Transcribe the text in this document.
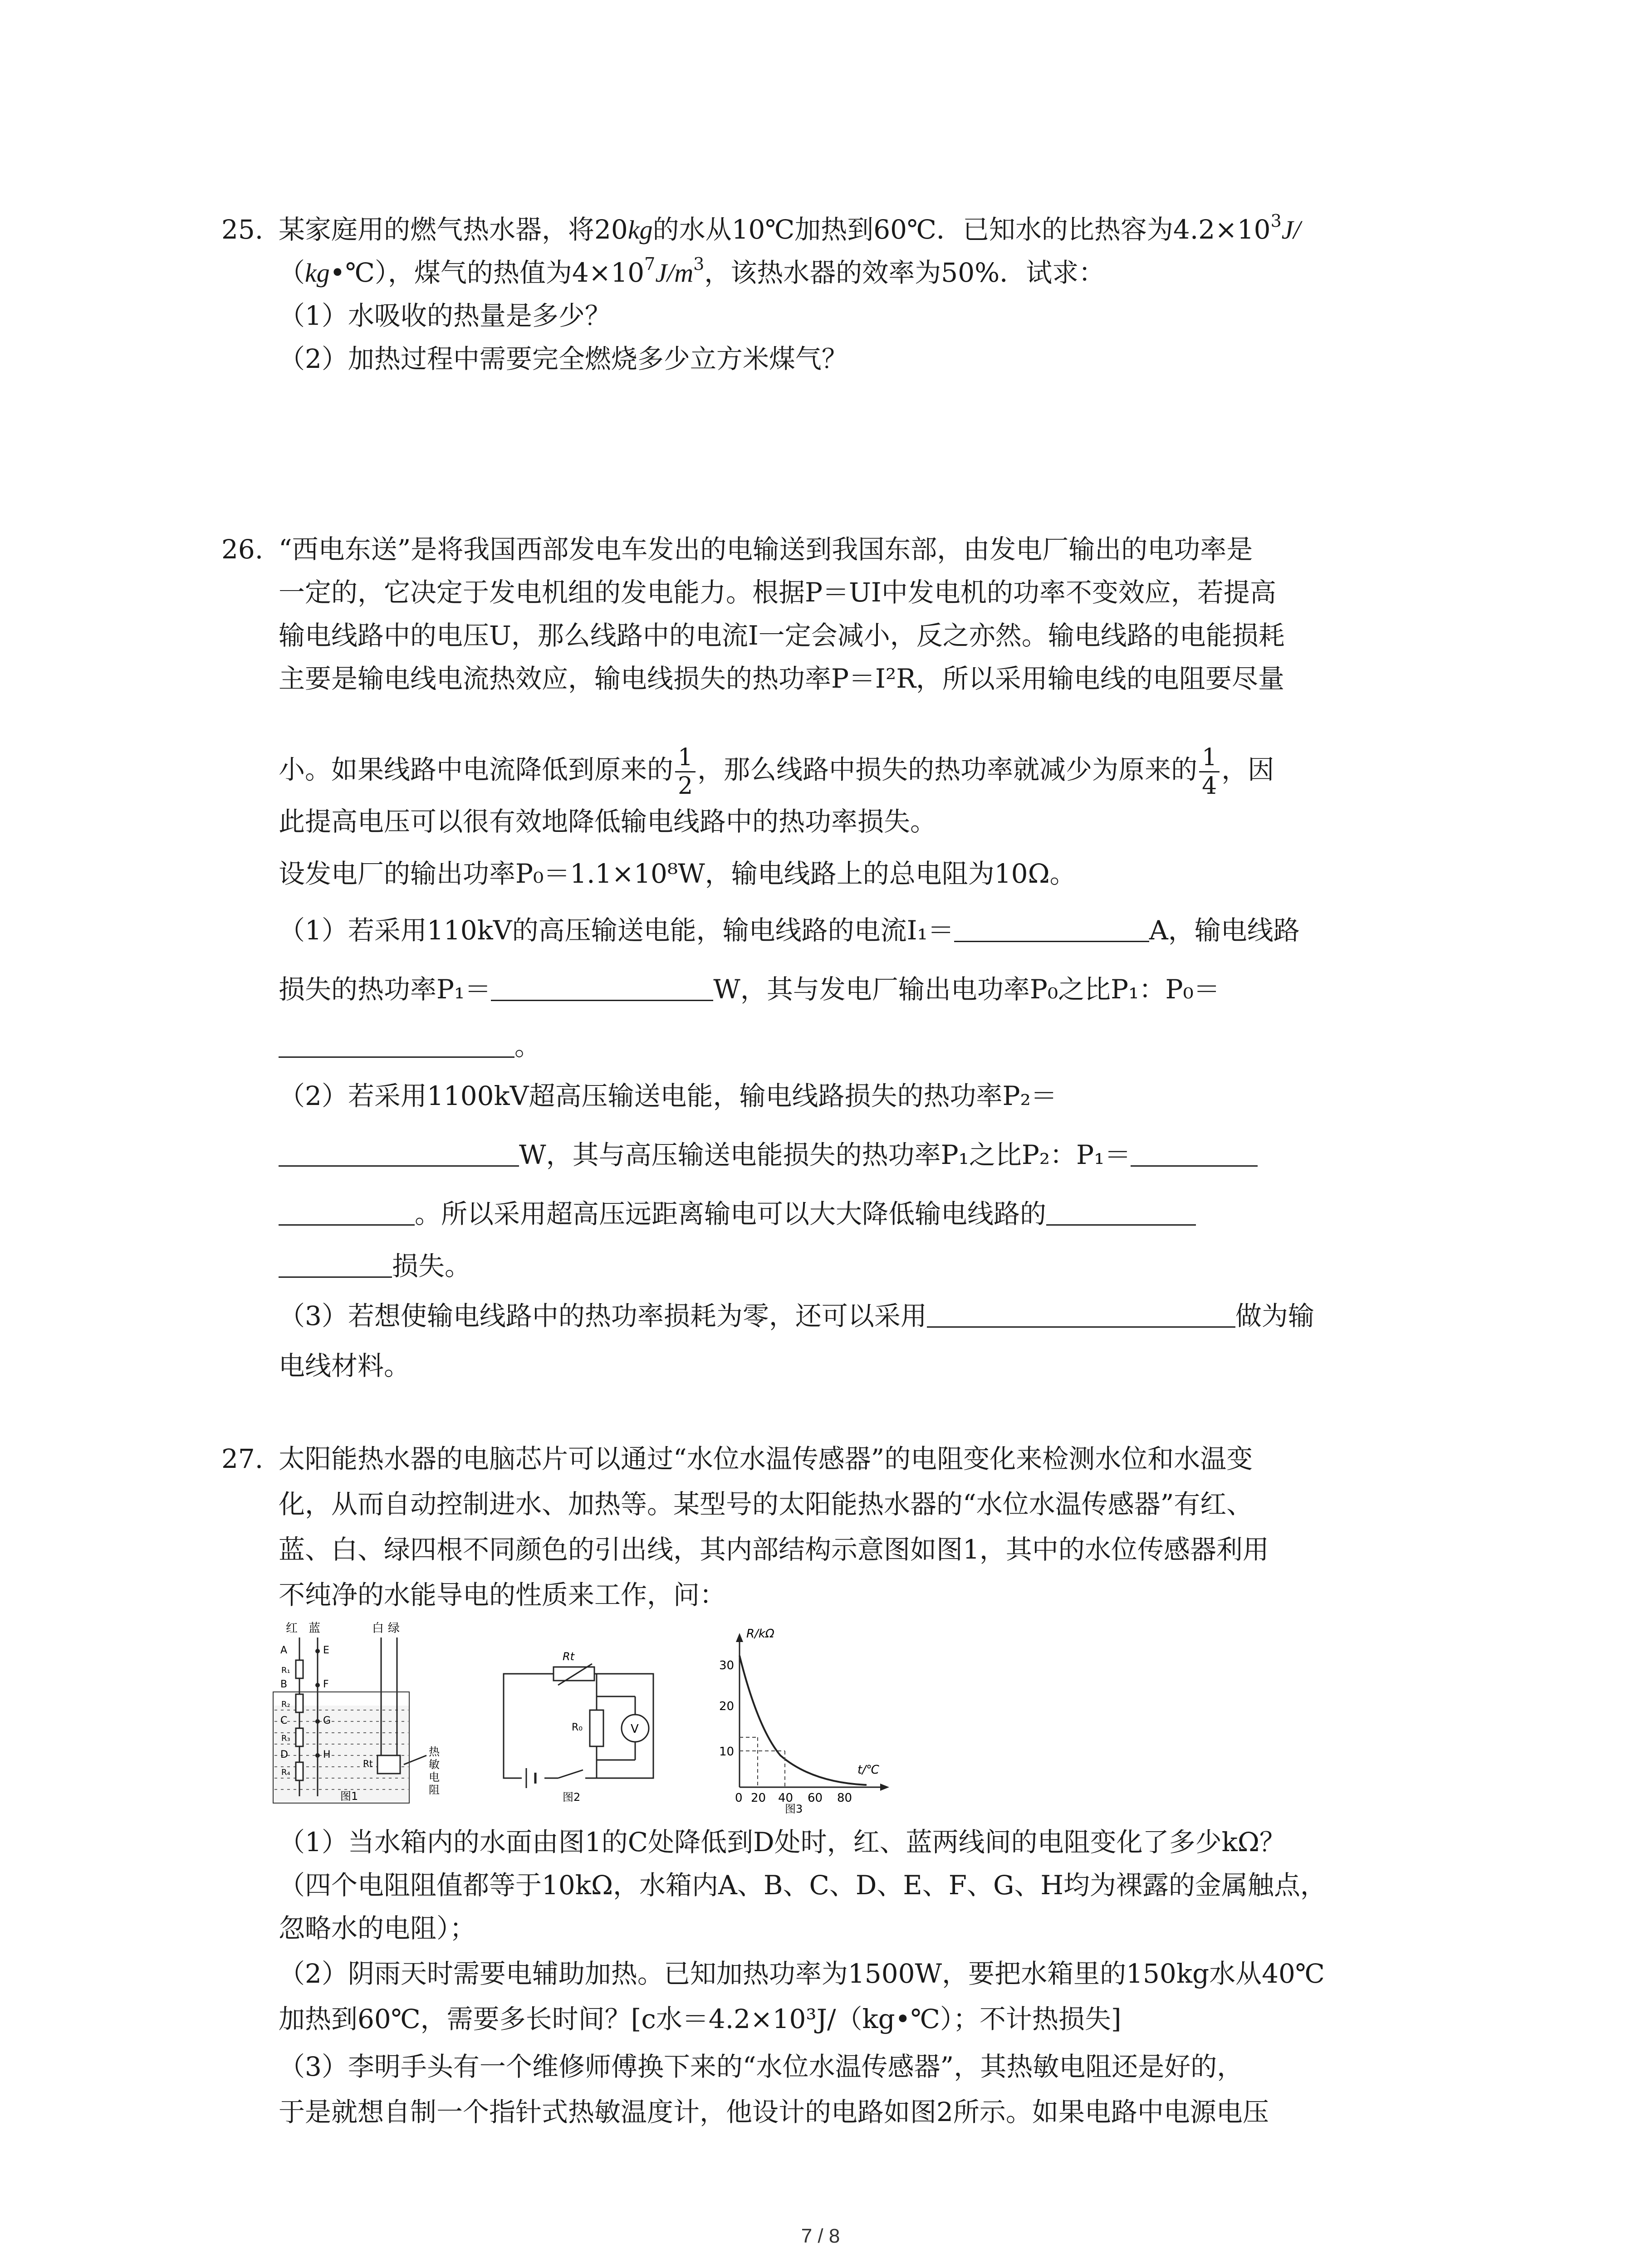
25. 某家庭用的燃气热水器，将20kg的水从10℃加热到60℃．已知水的比热容为$4.2\times 10^3J/$
（kg•℃），煤气的热值为$4\times 10^7J/m^3$，该热水器的效率为50%．试求：
（1）水吸收的热量是多少？
（2）加热过程中需要完全燃烧多少立方米煤气？
26. “西电东送”是将我国西部发电车发出的电输送到我国东部，由发电厂输出的电功率是
一定的，它决定于发电机组的发电能力。根据P＝UI中发电机的功率不变效应，若提高
输电线路中的电压U，那么线路中的电流I一定会减小，反之亦然。输电线路的电能损耗
主要是输电线电流热效应，输电线损失的热功率P＝I²R，所以采用输电线的电阻要尽量
小。如果线路中电流降低到原来的 $\frac{1}{2}$ ，那么线路中损失的热功率就减少为原来的 $\frac{1}{4}$ ，因
此提高电压可以很有效地降低输电线路中的热功率损失。
设发电厂的输出功率P₀＝1.1×10⁸W，输电线路上的总电阻为10Ω。
（1）若采用110kV的高压输送电能，输电线路的电流I₁＝	A，输电线路
损失的热功率P₁＝	W，其与发电厂输出电功率P₀之比P₁：P₀＝
。
（2）若采用1100kV超高压输送电能，输电线路损失的热功率P₂＝
W，其与高压输送电能损失的热功率P₁之比P₂：P₁＝
。所以采用超高压远距离输电可以大大降低输电线路的
损失。
（3）若想使输电线路中的热功率损耗为零，还可以采用	做为输
电线材料。
27. 太阳能热水器的电脑芯片可以通过“水位水温传感器”的电阻变化来检测水位和水温变
化，从而自动控制进水、加热等。某型号的太阳能热水器的“水位水温传感器”有红、
蓝、白、绿四根不同颜色的引出线，其内部结构示意图如图1，其中的水位传感器利用
不纯净的水能导电的性质来工作，问：
红 蓝	白 绿
A
B
C
D
E
F
G
H
R₁
R₂
R₃
R₄
Rt
热
敏
电
阻
图1
Rt
R₀	V
图2
R/kΩ
t/℃
10
20
30
0 20 40 60 80
图3
（1）当水箱内的水面由图1的C处降低到D处时，红、蓝两线间的电阻变化了多少kΩ？
（四个电阻阻值都等于10kΩ，水箱内A、B、C、D、E、F、G、H均为裸露的金属触点，
忽略水的电阻）；
（2）阴雨天时需要电辅助加热。已知加热功率为1500W，要把水箱里的150kg水从40℃
加热到60℃，需要多长时间？[c水＝4.2×10³J/（kg•℃）；不计热损失]
（3）李明手头有一个维修师傅换下来的“水位水温传感器”，其热敏电阻还是好的，
于是就想自制一个指针式热敏温度计，他设计的电路如图2所示。如果电路中电源电压
7 / 8
